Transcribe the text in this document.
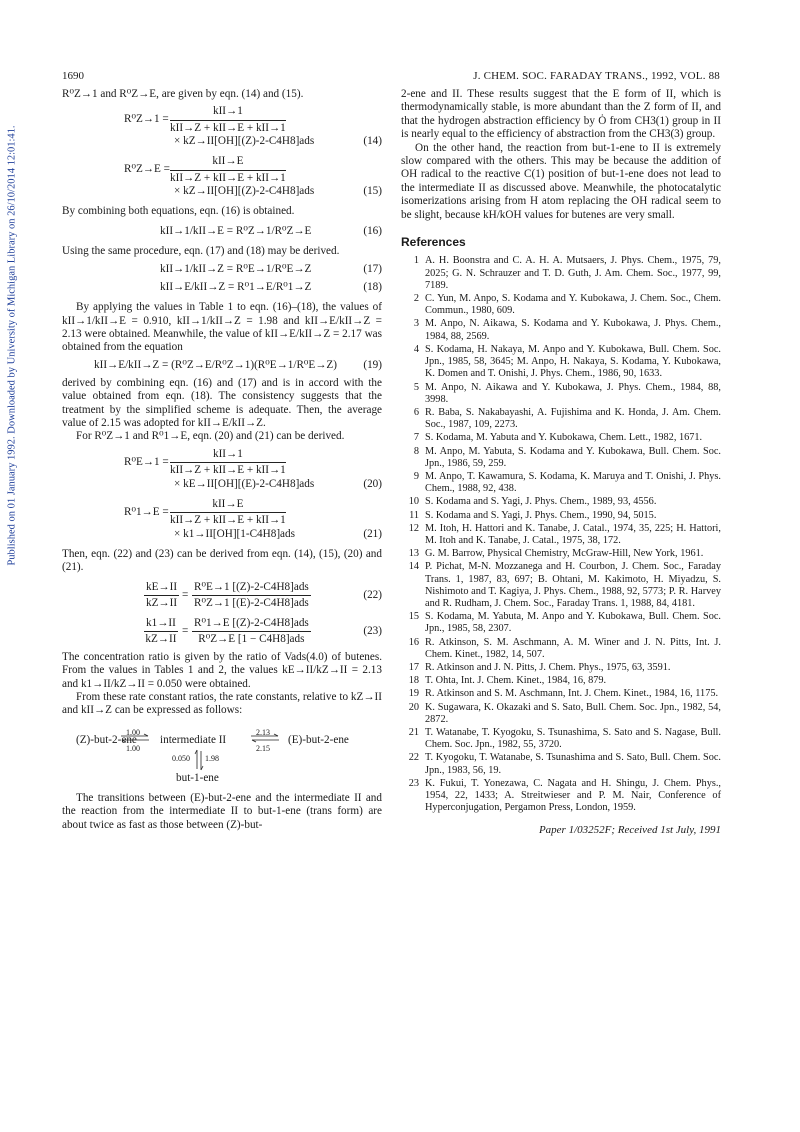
Published on 01 January 1992. Downloaded by University of Michigan Library on 26/10/2014 12:01:41.
1690	J. CHEM. SOC. FARADAY TRANS., 1992, VOL. 88

R⁰Z→1 and R⁰Z→E, are given by eqn. (14) and (15).

R⁰Z→1 =
kII→1
kII→Z + kII→E + kII→1
× kZ→II[OH][(Z)-2-C4H8]ads	(14)
R⁰Z→E =
kII→E
kII→Z + kII→E + kII→1
× kZ→II[OH][(Z)-2-C4H8]ads	(15)

By combining both equations, eqn. (16) is obtained.

kII→1/kII→E = R⁰Z→1/R⁰Z→E	(16)

Using the same procedure, eqn. (17) and (18) may be derived.

kII→1/kII→Z = R⁰E→1/R⁰E→Z	(17)
kII→E/kII→Z = R⁰1→E/R⁰1→Z	(18)

By applying the values in Table 1 to eqn. (16)–(18), the values of kII→1/kII→E = 0.910, kII→1/kII→Z = 1.98 and kII→E/kII→Z = 2.13 were obtained. Meanwhile, the value of kII→E/kII→Z = 2.17 was obtained from the equation

kII→E/kII→Z = (R⁰Z→E/R⁰Z→1)(R⁰E→1/R⁰E→Z) (19)

derived by combining eqn. (16) and (17) and is in accord with the value obtained from eqn. (18). The consistency suggests that the treatment by the simplified scheme is adequate. Then, the average value of 2.15 was adopted for kII→E/kII→Z.

For R⁰Z→1 and R⁰1→E, eqn. (20) and (21) can be derived.

R⁰E→1 =
kII→1
kII→Z + kII→E + kII→1
× kE→II[OH][(E)-2-C4H8]ads	(20)
R⁰1→E =
kII→E
kII→Z + kII→E + kII→1
× k1→II[OH][1-C4H8]ads	(21)

Then, eqn. (22) and (23) can be derived from eqn. (14), (15), (20) and (21).

$\frac{kE\to II}{kZ\to II}$ =
R⁰E→1 [(Z)-2-C4H8]ads
R⁰Z→1 [(E)-2-C4H8]ads
(22)
$\frac{k1\to II}{kZ\to II}$ =
R⁰1→E [(Z)-2-C4H8]ads
R⁰Z→E [1 − C4H8]ads
(23)

The concentration ratio is given by the ratio of Vads(4.0) of butenes. From the values in Tables 1 and 2, the values kE→II/kZ→II = 2.13 and k1→II/kZ→II = 0.050 were obtained.

From these rate constant ratios, the rate constants, relative to kZ→II and kII→Z can be expressed as follows:

(Z)-but-2-ene
1.00
1.00
⇌ intermediate II
2.13
2.15
⇌ (E)-but-2-ene
0.050 1.98
but-1-ene

The transitions between (E)-but-2-ene and the intermediate II and the reaction from the intermediate II to but-1-ene (trans form) are about twice as fast as those between (Z)-but-

2-ene and II. These results suggest that the E form of II, which is thermodynamically stable, is more abundant than the Z form of II, and that the hydrogen abstraction efficiency by Ȯ from CH3(1) group in II is nearly equal to the efficiency of abstraction from the CH3(3) group.

On the other hand, the reaction from but-1-ene to II is extremely slow compared with the others. This may be because the addition of OH radical to the reactive C(1) position of but-1-ene does not lead to the intermediate II as discussed above. Meanwhile, the photocatalytic isomerizations arising from H atom replacing the OH radical seem to be slight, because kH/kOH values for butenes are very small.

References
1 A. H. Boonstra and C. A. H. A. Mutsaers, J. Phys. Chem., 1975, 79, 2025; G. N. Schrauzer and T. D. Guth, J. Am. Chem. Soc., 1977, 99, 7189.
2 C. Yun, M. Anpo, S. Kodama and Y. Kubokawa, J. Chem. Soc., Chem. Commun., 1980, 609.
3 M. Anpo, N. Aikawa, S. Kodama and Y. Kubokawa, J. Phys. Chem., 1984, 88, 2569.
4 S. Kodama, H. Nakaya, M. Anpo and Y. Kubokawa, Bull. Chem. Soc. Jpn., 1985, 58, 3645; M. Anpo, H. Nakaya, S. Kodama, Y. Kubokawa, K. Domen and T. Onishi, J. Phys. Chem., 1986, 90, 1633.
5 M. Anpo, N. Aikawa and Y. Kubokawa, J. Phys. Chem., 1984, 88, 3998.
6 R. Baba, S. Nakabayashi, A. Fujishima and K. Honda, J. Am. Chem. Soc., 1987, 109, 2273.
7 S. Kodama, M. Yabuta and Y. Kubokawa, Chem. Lett., 1982, 1671.
8 M. Anpo, M. Yabuta, S. Kodama and Y. Kubokawa, Bull. Chem. Soc. Jpn., 1986, 59, 259.
9 M. Anpo, T. Kawamura, S. Kodama, K. Maruya and T. Onishi, J. Phys. Chem., 1988, 92, 438.
10 S. Kodama and S. Yagi, J. Phys. Chem., 1989, 93, 4556.
11 S. Kodama and S. Yagi, J. Phys. Chem., 1990, 94, 5015.
12 M. Itoh, H. Hattori and K. Tanabe, J. Catal., 1974, 35, 225; H. Hattori, M. Itoh and K. Tanabe, J. Catal., 1975, 38, 172.
13 G. M. Barrow, Physical Chemistry, McGraw-Hill, New York, 1961.
14 P. Pichat, M-N. Mozzanega and H. Courbon, J. Chem. Soc., Faraday Trans. 1, 1987, 83, 697; B. Ohtani, M. Kakimoto, H. Miyadzu, S. Nishimoto and T. Kagiya, J. Phys. Chem., 1988, 92, 5773; P. R. Harvey and R. Rudham, J. Chem. Soc., Faraday Trans. 1, 1988, 84, 4181.
15 S. Kodama, M. Yabuta, M. Anpo and Y. Kubokawa, Bull. Chem. Soc. Jpn., 1985, 58, 2307.
16 R. Atkinson, S. M. Aschmann, A. M. Winer and J. N. Pitts, Int. J. Chem. Kinet., 1982, 14, 507.
17 R. Atkinson and J. N. Pitts, J. Chem. Phys., 1975, 63, 3591.
18 T. Ohta, Int. J. Chem. Kinet., 1984, 16, 879.
19 R. Atkinson and S. M. Aschmann, Int. J. Chem. Kinet., 1984, 16, 1175.
20 K. Sugawara, K. Okazaki and S. Sato, Bull. Chem. Soc. Jpn., 1982, 54, 2872.
21 T. Watanabe, T. Kyogoku, S. Tsunashima, S. Sato and S. Nagase, Bull. Chem. Soc. Jpn., 1982, 55, 3720.
22 T. Kyogoku, T. Watanabe, S. Tsunashima and S. Sato, Bull. Chem. Soc. Jpn., 1983, 56, 19.
23 K. Fukui, T. Yonezawa, C. Nagata and H. Shingu, J. Chem. Phys., 1954, 22, 1433; A. Streitwieser and P. M. Nair, Conference of Hyperconjugation, Pergamon Press, London, 1959.
Paper 1/03252F; Received 1st July, 1991
